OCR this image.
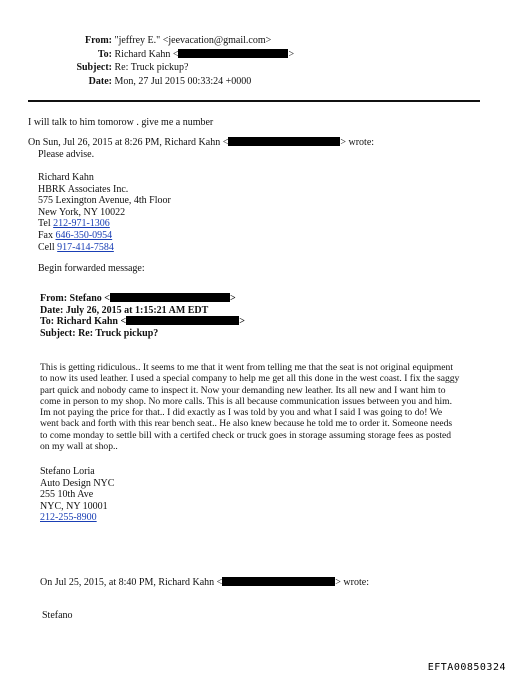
From: "jeffrey E." <jeevacation@gmail.com>
To: Richard Kahn <	>
Subject: Re: Truck pickup?
Date: Mon, 27 Jul 2015 00:33:24 +0000
I will talk to him tomorow . give me a number
On Sun, Jul 26, 2015 at 8:26 PM, Richard Kahn <	> wrote:
Please advise.
Richard Kahn
HBRK Associates Inc.
575 Lexington Avenue, 4th Floor
New York, NY 10022
Tel 212-971-1306
Fax 646-350-0954
Cell 917-414-7584
Begin forwarded message:
From: Stefano <	>
Date: July 26, 2015 at 1:15:21 AM EDT
To: Richard Kahn <	>
Subject: Re: Truck pickup?
This is getting ridiculous.. It seems to me that it went from telling me that the seat is not original equipment
to now its used leather. I used a special company to help me get all this done in the west coast. I fix the saggy
part quick and nobody came to inspect it. Now your demanding new leather. Its all new and I want him to
come in person to my shop. No more calls. This is all because communication issues between you and him.
Im not paying the price for that.. I did exactly as I was told by you and what I said I was going to do! We
went back and forth with this rear bench seat.. He also knew because he told me to order it. Someone needs
to come monday to settle bill with a certifed check or truck goes in storage assuming storage fees as posted
on my wall at shop..
Stefano Loria
Auto Design NYC
255 10th Ave
NYC, NY 10001
212-255-8900
On Jul 25, 2015, at 8:40 PM, Richard Kahn <	> wrote:
Stefano
EFTA00850324
